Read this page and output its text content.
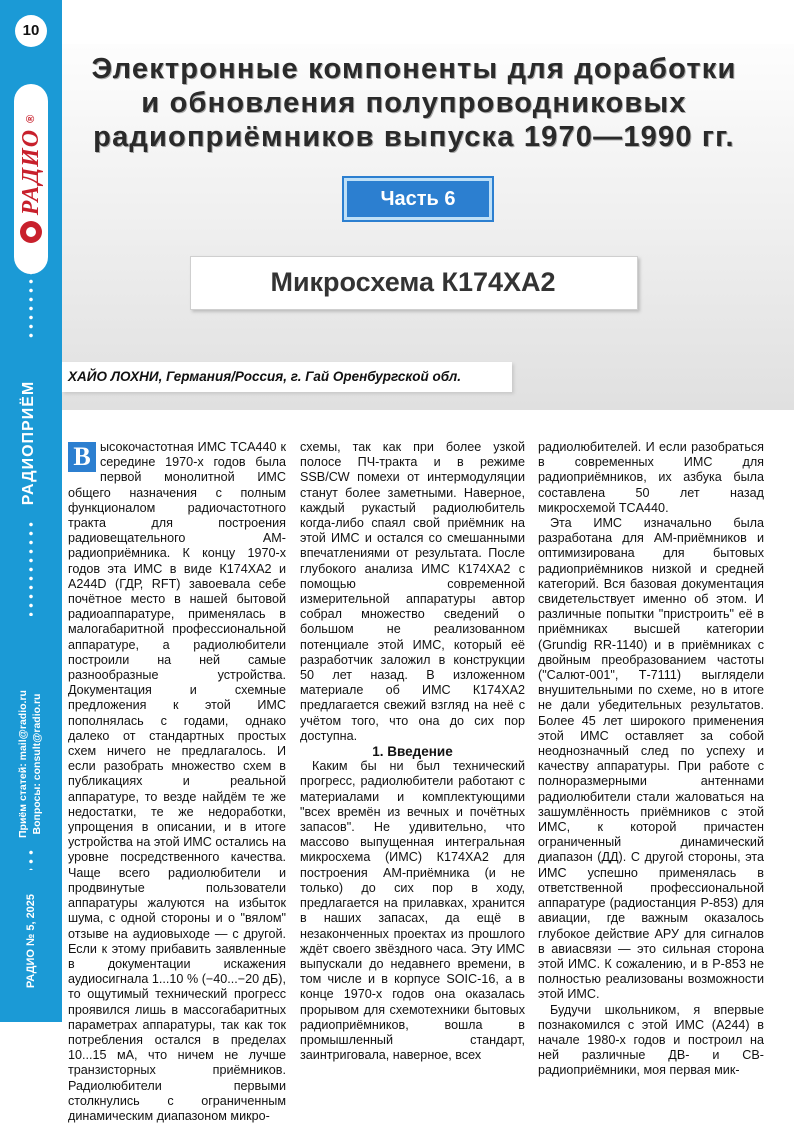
10
РАДИО
®
РАДИОПРИЁМ
Приём статей: mail@radio.ru Вопросы: consult@radio.ru
РАДИО № 5, 2025
Электронные компоненты для доработки
и обновления полупроводниковых
радиоприёмников выпуска 1970—1990 гг.
Часть 6
Микросхема К174ХА2
ХАЙО ЛОХНИ, Германия/Россия, г. Гай Оренбургской обл.
В ысокочастотная ИМС TCA440 к середине 1970-х годов была первой монолитной ИМС общего назначения с полным функционалом радиочастотного тракта для построения радиовещательного АМ-радиоприёмника. К концу 1970-х годов эта ИМС в виде К174ХА2 и A244D (ГДР, RFT) завоевала себе почётное место в нашей бытовой радиоаппаратуре, применялась в малогабаритной профессиональной аппаратуре, а радиолюбители построили на ней самые разнообразные устройства. Документация и схемные предложения к этой ИМС пополнялась с годами, однако далеко от стандартных простых схем ничего не предлагалось. И если разобрать множество схем в публикациях и реальной аппаратуре, то везде найдём те же недостатки, те же недоработки, упрощения в описании, и в итоге устройства на этой ИМС остались на уровне посредственного качества. Чаще всего радиолюбители и продвинутые пользователи аппаратуры жалуются на избыток шума, с одной стороны и о "вялом" отзыве на аудиовыходе — с другой. Если к этому прибавить заявленные в документации искажения аудиосигнала 1...10 % (−40...−20 дБ), то ощутимый технический прогресс проявился лишь в массогабаритных параметрах аппаратуры, так как ток потребления остался в пределах 10...15 мА, что ничем не лучше транзисторных приёмников. Радиолюбители первыми столкнулись с ограниченным динамическим диапазоном микро-

схемы, так как при более узкой полосе ПЧ-тракта и в режиме SSB/CW помехи от интермодуляции станут более заметными. Наверное, каждый рукастый радиолюбитель когда-либо спаял свой приёмник на этой ИМС и остался со смешанными впечатлениями от результата. После глубокого анализа ИМС К174ХА2 с помощью современной измерительной аппаратуры автор собрал множество сведений о большом не реализованном потенциале этой ИМС, который её разработчик заложил в конструкции 50 лет назад. В изложенном материале об ИМС К174ХА2 предлагается свежий взгляд на неё с учётом того, что она до сих пор доступна.

1. Введение

Каким бы ни был технический прогресс, радиолюбители работают с материалами и комплектующими "всех времён из вечных и почётных запасов". Не удивительно, что массово выпущенная интегральная микросхема (ИМС) К174ХА2 для построения АМ-приёмника (и не только) до сих пор в ходу, предлагается на прилавках, хранится в наших запасах, да ещё в незаконченных проектах из прошлого ждёт своего звёздного часа. Эту ИМС выпускали до недавнего времени, в том числе и в корпусе SOIC-16, а в конце 1970-х годов она оказалась прорывом для схемотехники бытовых радиоприёмников, вошла в промышленный стандарт, заинтриговала, наверное, всех

радиолюбителей. И если разобраться в современных ИМС для радиоприёмников, их азбука была составлена 50 лет назад микросхемой TCA440.

Эта ИМС изначально была разработана для АМ-приёмников и оптимизирована для бытовых радиоприёмников низкой и средней категорий. Вся базовая документация свидетельствует именно об этом. И различные попытки "пристроить" её в приёмниках высшей категории (Grundig RR-1140) и в приёмниках с двойным преобразованием частоты ("Салют-001", Т-7111) выглядели внушительными по схеме, но в итоге не дали убедительных результатов. Более 45 лет широкого применения этой ИМС оставляет за собой неоднозначный след по успеху и качеству аппаратуры. При работе с полноразмерными антеннами радиолюбители стали жаловаться на зашумлённость приёмников с этой ИМС, к которой причастен ограниченный динамический диапазон (ДД). С другой стороны, эта ИМС успешно применялась в ответственной профессиональной аппаратуре (радиостанция Р-853) для авиации, где важным оказалось глубокое действие АРУ для сигналов в авиасвязи — это сильная сторона этой ИМС. К сожалению, и в Р-853 не полностью реализованы возможности этой ИМС.

Будучи школьником, я впервые познакомился с этой ИМС (A244) в начале 1980-х годов и построил на ней различные ДВ- и СВ-радиоприёмники, моя первая мик-
